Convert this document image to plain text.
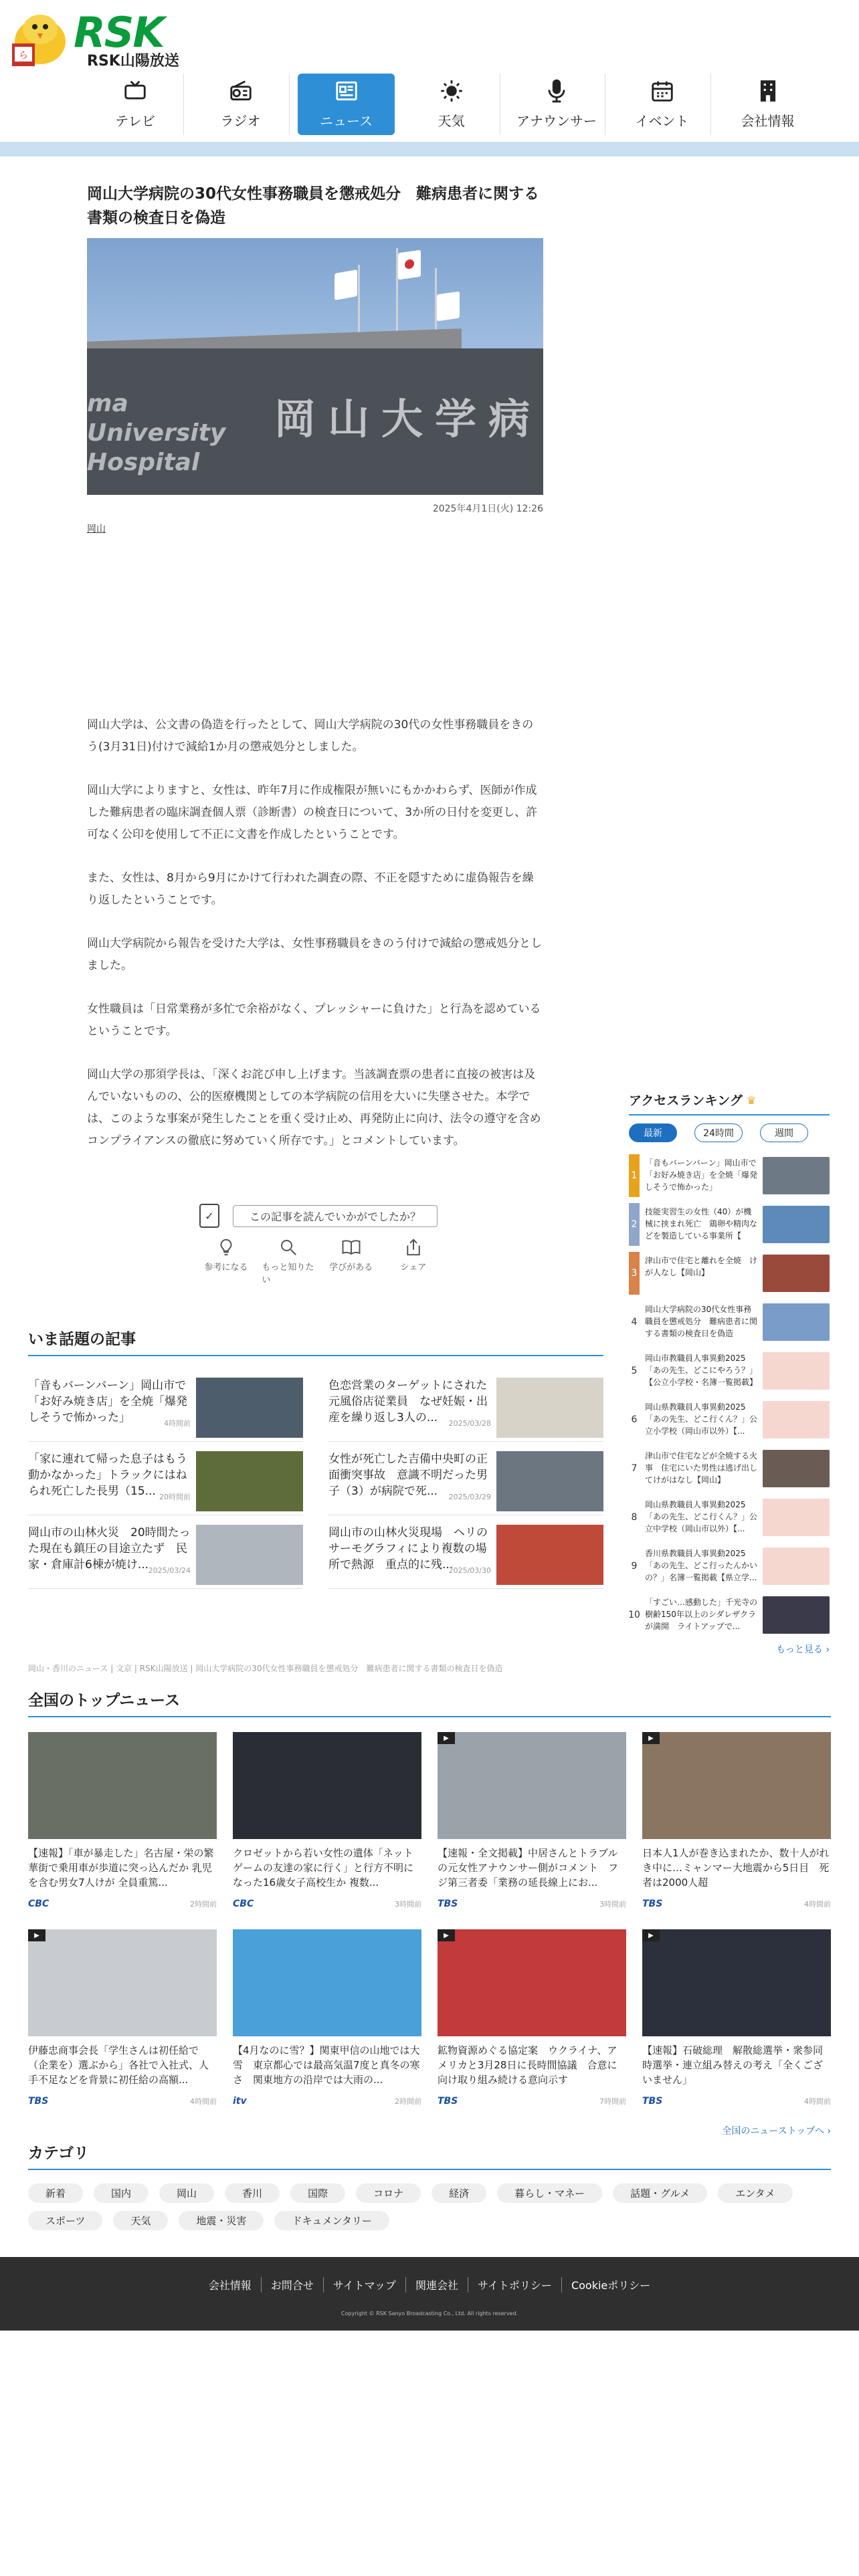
ら RSK
RSK山陽放送
テレビ	ラジオ	ニュース	天気	アナウンサー	イベント	会社情報
岡山大学病院の30代女性事務職員を懲戒処分　難病患者に関する書類の検査日を偽造
ma
University
Hospital
岡山大学病
2025年4月1日(火) 12:26
岡山

岡山大学は、公文書の偽造を行ったとして、岡山大学病院の30代の女性事務職員をきのう(3月31日)付けで減給1か月の懲戒処分としました。

岡山大学によりますと、女性は、昨年7月に作成権限が無いにもかかわらず、医師が作成した難病患者の臨床調査個人票（診断書）の検査日について、3か所の日付を変更し、許可なく公印を使用して不正に文書を作成したということです。

また、女性は、8月から9月にかけて行われた調査の際、不正を隠すために虚偽報告を繰り返したということです。

岡山大学病院から報告を受けた大学は、女性事務職員をきのう付けで減給の懲戒処分としました。

女性職員は「日常業務が多忙で余裕がなく、プレッシャーに負けた」と行為を認めているということです。

岡山大学の那須学長は、「深くお詫び申し上げます。当該調査票の患者に直接の被害は及んでいないものの、公的医療機関としての本学病院の信用を大いに失墜させた。本学では、このような事案が発生したことを重く受け止め、再発防止に向け、法令の遵守を含めコンプライアンスの徹底に努めていく所存です。」とコメントしています。

✓	この記事を読んでいかがでしたか？
参考になる もっと知りたい
学びがある	シェア
アクセスランキング ♛
最新	24時間	週間
1
「音もバーンバーン」岡山市で「お好み焼き店」を全焼「爆発しそうで怖かった」
2
技能実習生の女性（40）が機械に挟まれ死亡　鶏卵や精肉などを製造している事業所【
3
津山市で住宅と離れを全焼　けが人なし【岡山】
4
岡山大学病院の30代女性事務職員を懲戒処分　難病患者に関する書類の検査日を偽造
5
岡山市教職員人事異動2025「あの先生、どこにやろう？」【公立小学校・名簿一覧掲載】
6
岡山県教職員人事異動2025「あの先生、どこ行くん？」公立小学校（岡山市以外）【...
7
津山市で住宅などが全焼する火事　住宅にいた男性は逃げ出してけがはなし【岡山】
8
岡山県教職員人事異動2025「あの先生、どこ行くん？」公立中学校（岡山市以外）【...
9
香川県教職員人事異動2025「あの先生、どこ行ったんかいの？」名簿一覧掲載【県立学...
10
「すごい…感動した」千光寺の樹齢150年以上のシダレザクラが満開　ライトアップで...
もっと見る ›
いま話題の記事
「音もバーンバーン」岡山市で「お好み焼き店」を全焼「爆発しそうで怖かった」	4時間前
色恋営業のターゲットにされた元風俗店従業員　なぜ妊娠・出産を繰り返し3人の... 2025/03/28
「家に連れて帰った息子はもう動かなかった」トラックにはねられ死亡した長男（15... 20時間前
女性が死亡した吉備中央町の正面衝突事故　意識不明だった男子（3）が病院で死... 2025/03/29
岡山市の山林火災　20時間たった現在も鎮圧の目途立たず　民家・倉庫計6棟が焼け... 2025/03/24
岡山市の山林火災現場　ヘリのサーモグラフィにより複数の場所で熱源　重点的に残...
2025/03/30
岡山・香川のニュース | 文京 | RSK山陽放送 | 岡山大学病院の30代女性事務職員を懲戒処分　難病患者に関する書類の検査日を偽造
全国のトップニュース
【速報】「車が暴走した」名古屋・栄の繁華街で乗用車が歩道に突っ込んだか 乳児を含む男女7人けが 全員重篤...
CBC	2時間前
クロゼットから若い女性の遺体「ネットゲームの友達の家に行く」と行方不明になった16歳女子高校生か 複数...
CBC	3時間前
▶
【速報・全文掲載】中居さんとトラブルの元女性アナウンサー側がコメント　フジ第三者委「業務の延長線上にお...
TBS	3時間前
▶
日本人1人が巻き込まれたか、数十人がれき中に…ミャンマー大地震から5日目　死者は2000人超
TBS	4時間前
▶
伊藤忠商事会長「学生さんは初任給で（企業を）選ぶから」各社で入社式、人手不足などを背景に初任給の高額...
TBS	4時間前
【4月なのに雪？】関東甲信の山地では大雪　東京都心では最高気温7度と真冬の寒さ　関東地方の沿岸では大雨の...
itv	2時間前
▶
鉱物資源めぐる協定案　ウクライナ、アメリカと3月28日に長時間協議　合意に向け取り組み続ける意向示す
TBS	7時間前
▶
【速報】石破総理　解散総選挙・衆参同時選挙・連立組み替えの考え「全くございません」
TBS	4時間前
全国のニューストップへ ›
カテゴリ
新着	国内	岡山	香川	国際	コロナ	経済	暮らし・マネー	話題・グルメ	エンタメ
スポーツ	天気	地震・災害	ドキュメンタリー
会社情報	お問合せ	サイトマップ	関連会社	サイトポリシー	Cookieポリシー
Copyright © RSK Sanyo Broadcasting Co., Ltd. All rights reserved.
